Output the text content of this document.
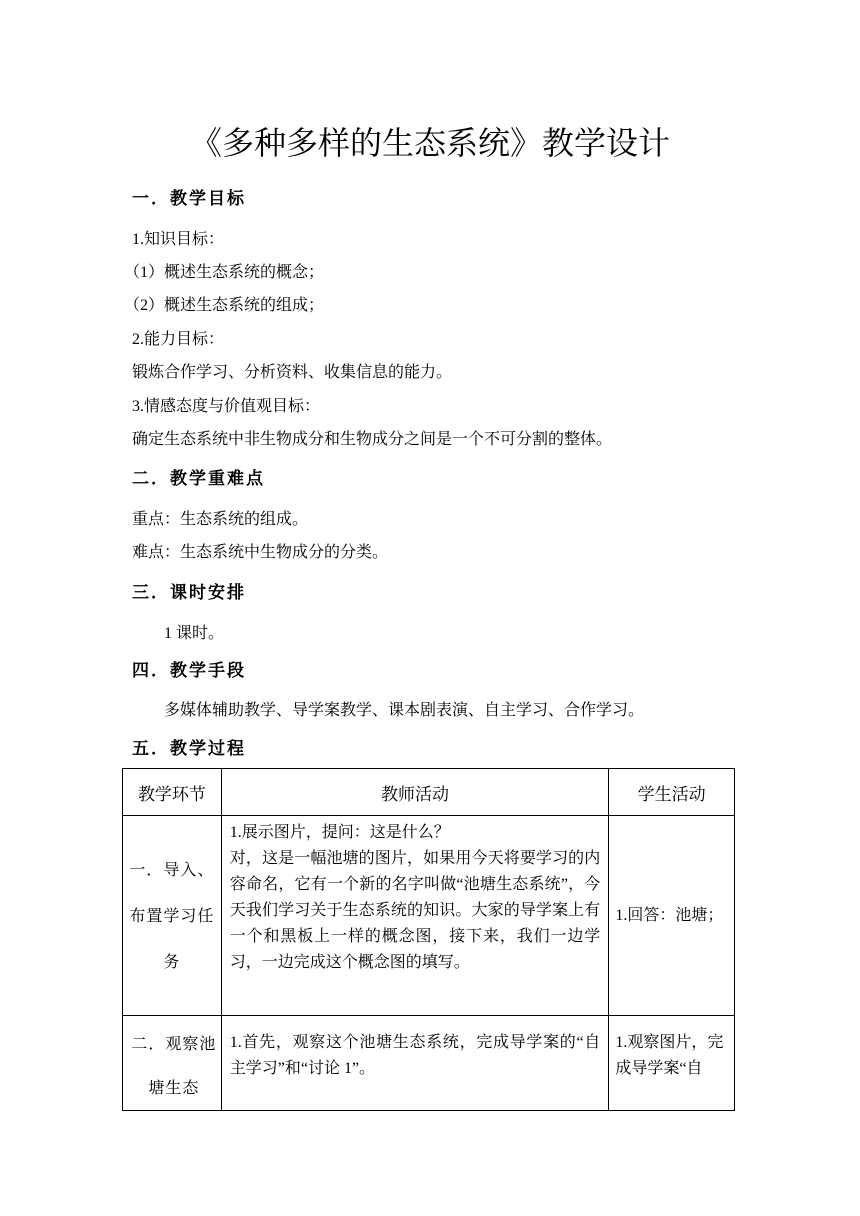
《多种多样的生态系统》教学设计
一．教学目标
1.知识目标：
（1）概述生态系统的概念；
（2）概述生态系统的组成；
2.能力目标：
锻炼合作学习、分析资料、收集信息的能力。
3.情感态度与价值观目标：
确定生态系统中非生物成分和生物成分之间是一个不可分割的整体。
二．教学重难点
重点：生态系统的组成。
难点：生态系统中生物成分的分类。
三．课时安排
1 课时。
四．教学手段
多媒体辅助教学、导学案教学、课本剧表演、自主学习、合作学习。
五．教学过程
教学环节	教师活动	学生活动
一．导入、布置学习任务	1.展示图片，提问：这是什么？
对，这是一幅池塘的图片，如果用今天将要学习的内容命名，它有一个新的名字叫做“池塘生态系统”，今天我们学习关于生态系统的知识。大家的导学案上有一个和黑板上一样的概念图，接下来，我们一边学习，一边完成这个概念图的填写。	1.回答：池塘；
二．观察池塘生态	1.首先，观察这个池塘生态系统，完成导学案的“自主学习”和“讨论 1”。	1.观察图片，完成导学案“自
